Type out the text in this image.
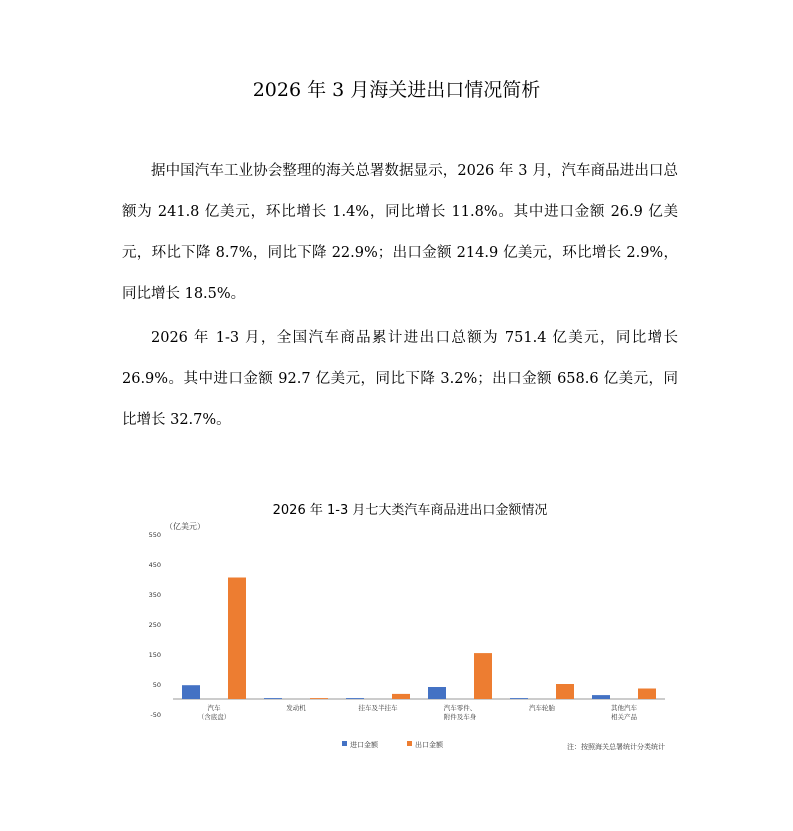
2026 年 3 月海关进出口情况简析

据中国汽车工业协会整理的海关总署数据显示，2026 年 3 月，汽车商品进出口总额为 241.8 亿美元，环比增长 1.4%，同比增长 11.8%。其中进口金额 26.9 亿美元，环比下降 8.7%，同比下降 22.9%；出口金额 214.9 亿美元，环比增长 2.9%，同比增长 18.5%。

2026 年 1-3 月，全国汽车商品累计进出口总额为 751.4 亿美元，同比增长 26.9%。其中进口金额 92.7 亿美元，同比下降 3.2%；出口金额 658.6 亿美元，同比增长 32.7%。

2026 年 1-3 月七大类汽车商品进出口金额情况
（亿美元）
550
450
350
250
150
50
-50
汽车
（含底盘）
发动机	挂车及半挂车	汽车零件、
附件及车身
汽车轮胎	其他汽车
相关产品
进口金额	出口金额	注：按照海关总署统计分类统计
